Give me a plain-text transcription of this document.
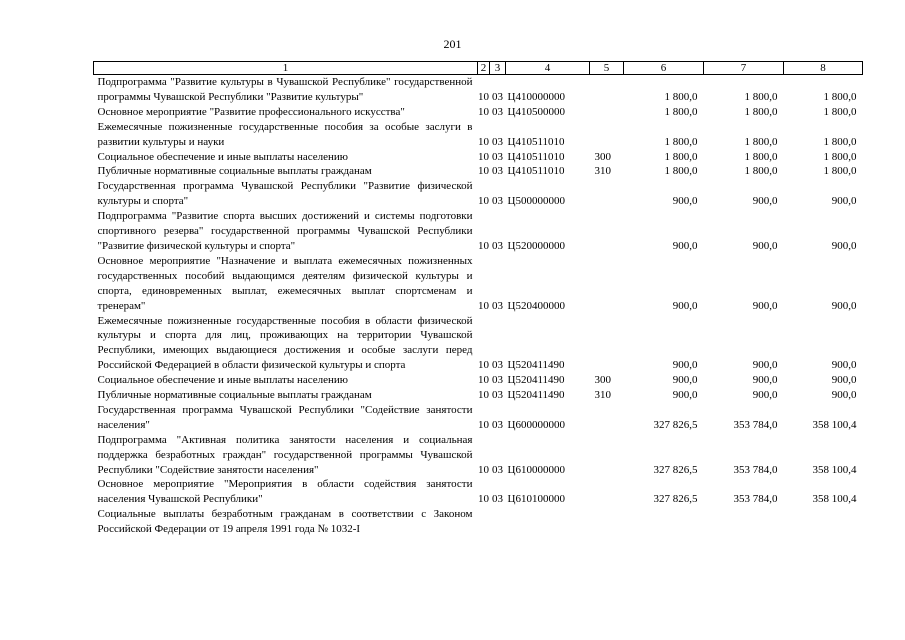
201
1	2	3	4	5	6	7	8
Подпрограмма "Развитие культуры в Чувашской Республике" государственной программы Чувашской Республики "Развитие культуры"	10	03	Ц410000000		1 800,0	1 800,0	1 800,0
Основное мероприятие "Развитие профессионального искусства"	10	03	Ц410500000		1 800,0	1 800,0	1 800,0
Ежемесячные пожизненные государственные пособия за особые заслуги в развитии культуры и науки	10	03	Ц410511010		1 800,0	1 800,0	1 800,0
Социальное обеспечение и иные выплаты населению	10	03	Ц410511010	300	1 800,0	1 800,0	1 800,0
Публичные нормативные социальные выплаты гражданам	10	03	Ц410511010	310	1 800,0	1 800,0	1 800,0
Государственная программа Чувашской Республики "Развитие физической культуры и спорта"	10	03	Ц500000000		900,0	900,0	900,0
Подпрограмма "Развитие спорта высших достижений и системы подготовки спортивного резерва" государственной программы Чувашской Республики "Развитие физической культуры и спорта"	10	03	Ц520000000		900,0	900,0	900,0
Основное мероприятие "Назначение и выплата ежемесячных пожизненных государственных пособий выдающимся деятелям физической культуры и спорта, единовременных выплат, ежемесячных выплат спортсменам и тренерам"	10	03	Ц520400000		900,0	900,0	900,0
Ежемесячные пожизненные государственные пособия в области физической культуры и спорта для лиц, проживающих на территории Чувашской Республики, имеющих выдающиеся достижения и особые заслуги перед Российской Федерацией в области физической культуры и спорта	10	03	Ц520411490		900,0	900,0	900,0
Социальное обеспечение и иные выплаты населению	10	03	Ц520411490	300	900,0	900,0	900,0
Публичные нормативные социальные выплаты гражданам	10	03	Ц520411490	310	900,0	900,0	900,0
Государственная программа Чувашской Республики "Содействие занятости населения"	10	03	Ц600000000		327 826,5	353 784,0	358 100,4
Подпрограмма "Активная политика занятости населения и социальная поддержка безработных граждан" государственной программы Чувашской Республики "Содействие занятости населения"	10	03	Ц610000000		327 826,5	353 784,0	358 100,4
Основное мероприятие "Мероприятия в области содействия занятости населения Чувашской Республики"	10	03	Ц610100000		327 826,5	353 784,0	358 100,4
Социальные выплаты безработным гражданам в соответствии с Законом Российской Федерации от 19 апреля 1991 года № 1032-I							
